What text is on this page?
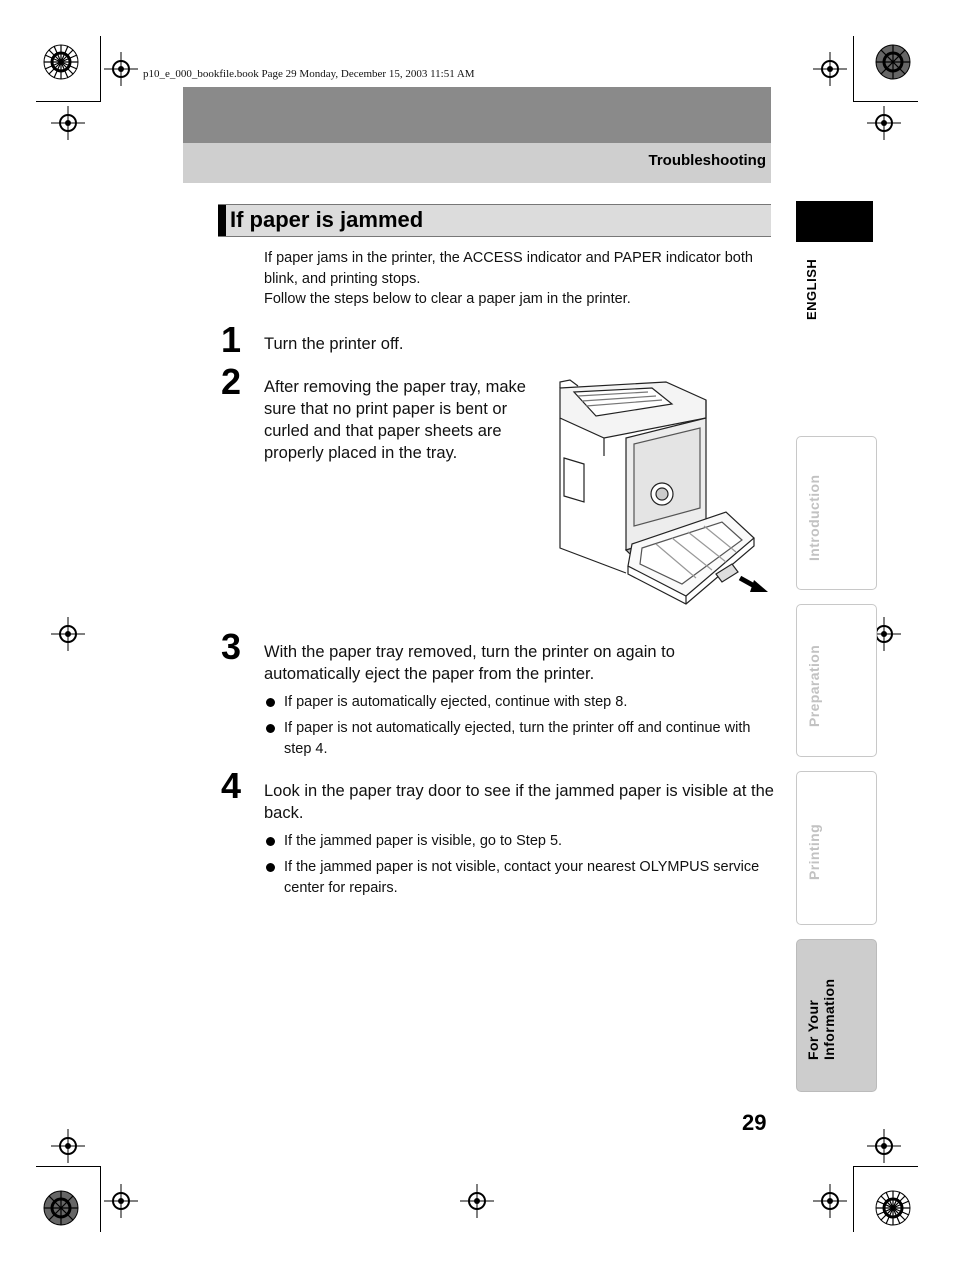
p10_e_000_bookfile.book Page 29 Monday, December 15, 2003 11:51 AM
Troubleshooting
If paper is jammed

If paper jams in the printer, the ACCESS indicator and PAPER indicator both blink, and printing stops.

Follow the steps below to clear a paper jam in the printer.

1 Turn the printer off.
2 After removing the paper tray, make sure that no print paper is bent or curled and that paper sheets are properly placed in the tray.
3 With the paper tray removed, turn the printer on again to automatically eject the paper from the printer.
If paper is automatically ejected, continue with step 8.
If paper is not automatically ejected, turn the printer off and continue with step 4.
4 Look in the paper tray door to see if the jammed paper is visible at the back.
If the jammed paper is visible, go to Step 5.
If the jammed paper is not visible, contact your nearest OLYMPUS service center for repairs.
ENGLISH
Introduction
Preparation
Printing
For Your Information
29
